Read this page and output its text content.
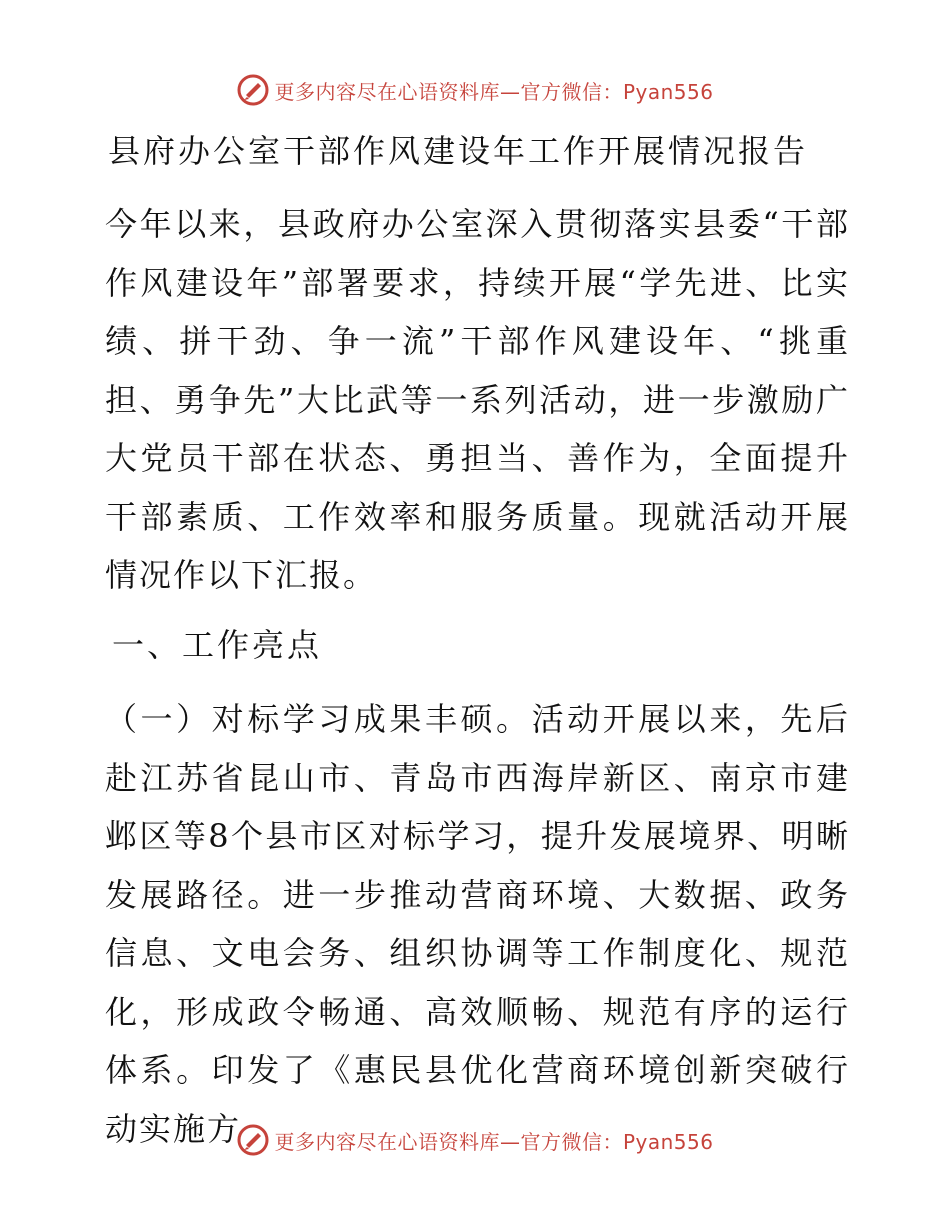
更多内容尽在心语资料库—官方微信：Pyan556
县府办公室干部作风建设年工作开展情况报告

今年以来，县政府办公室深入贯彻落实县委“干部作风建设年”部署要求，持续开展“学先进、比实绩、拼干劲、争一流”干部作风建设年、“挑重担、勇争先”大比武等一系列活动，进一步激励广大党员干部在状态、勇担当、善作为，全面提升干部素质、工作效率和服务质量。现就活动开展情况作以下汇报。

一、工作亮点

（一）对标学习成果丰硕。活动开展以来，先后赴江苏省昆山市、青岛市西海岸新区、南京市建邺区等8个县市区对标学习，提升发展境界、明晰发展路径。进一步推动营商环境、大数据、政务信息、文电会务、组织协调等工作制度化、规范化，形成政令畅通、高效顺畅、规范有序的运行体系。印发了《惠民县优化营商环境创新突破行动实施方	更多内容尽在心语资料库—官方微信：Pyan556
